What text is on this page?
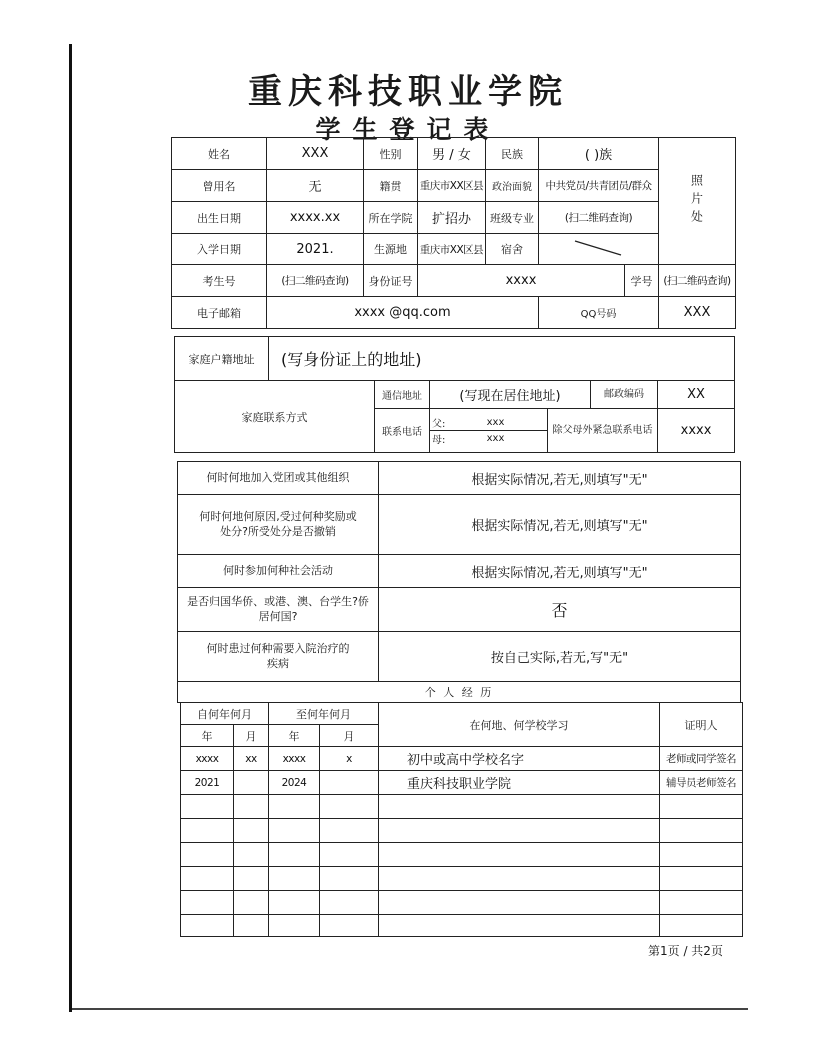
重庆科技职业学院
学生登记表
姓名	XXX	性别	男 / 女	民族	( )族		照片处

曾用名	无	籍贯	重庆市XX区县	政治面貌	中共党员/共青团员/群众		
出生日期	xxxx.xx	所在学院	扩招办	班级专业	(扫二维码查询)		
入学日期	2021.	生源地	重庆市XX区县	宿舍	
考生号	(扫二维码查询)	身份证号	xxxx			学号	(扫二维码查询)
电子邮箱	xxxx @qq.com				QQ号码		XXX
家庭户籍地址	(写身份证上的地址)					
家庭联系方式		通信地址	(写现在居住地址)		邮政编码	XX
		联系电话	父: xxx
母: xxx	除父母外紧急联系电话		xxxx
何时何地加入党团或其他组织	根据实际情况,若无,则填写"无"
何时何地何原因,受过何种奖励或处分?所受处分是否撤销	根据实际情况,若无,则填写"无"
何时参加何种社会活动	根据实际情况,若无,则填写"无"
是否归国华侨、或港、澳、台学生?侨居何国?	否
何时患过何种需要入院治疗的疾病	按自己实际,若无,写"无"
个 人 经 历	
自何年何月		至何年何月		在何地、何学校学习	证明人
年	月	年	月		
xxxx	xx	xxxx	x	初中或高中学校名字	老师或同学签名
2021		2024		重庆科技职业学院	辅导员老师签名

第1页 / 共2页
